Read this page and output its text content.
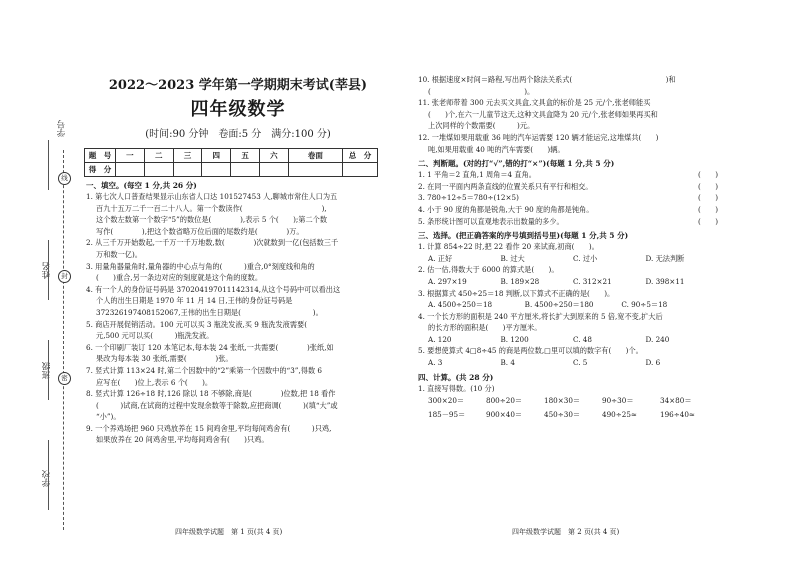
学号
姓名
班级
学校
线
封
密
2022～2023 学年第一学期期末考试(莘县)
四年级数学
(时间:90 分钟　卷面:5 分　满分:100 分)
题　号	一	二	三	四	五	六	卷面	总　分
得　分								
一、填空。(每空 1 分,共 26 分)
1. 第七次人口普查结果显示山东省人口达 101527453 人,聊城市常住人口为五
百九十五万二千一百二十八人。第一个数读作(　　　　　　　　　　　),
这个数左数第一个数字“5”的数位是(　　　　),表示 5 个(　　);第二个数
写作(　　　　),把这个数省略万位后面的尾数约是(　　　　)万。
2. 从三千万开始数起,一千万一千万地数,数(　　　　)次就数到一亿(包括数三千
万和数一亿)。
3. 用量角器量角时,量角器的中心点与角的(　　　)重合,0°刻度线和角的
(　　)重合,另一条边对应的刻度就是这个角的度数。
4. 有一个人的身份证号码是 370204197011142314,从这个号码中可以看出这
个人的出生日期是 1970 年 11 月 14 日,王伟的身份证号码是
372326197408152067,王伟的出生日期是(　　　　　　　　　　)。
5. 商店开展促销活动。100 元可以买 3 瓶洗发液,买 9 瓶洗发液需要(　　　
元,500 元可以买(　　　)瓶洗发液。
6. 一个印刷厂装订 120 本笔记本,每本装 24 张纸,一共需要(　　　　)张纸,如
果改为每本装 30 张纸,需要(　　　　)张。
7. 竖式计算 113×24 时,第二个因数中的“2”乘第一个因数中的“3”,得数 6
应写在(　　)位上,表示 6 个(　　)。
8. 竖式计算 126÷18 时,126 除以 18 不够除,商是(　　　　)位数,把 18 看作
(　　　)试商,在试商的过程中发现余数等于除数,应把商调(　　　)(填“大”或
“小”)。
9. 一个养鸡场把 960 只鸡放养在 15 间鸡舍里,平均每间鸡舍有(　　　)只鸡,
如果放养在 20 间鸡舍里,平均每间鸡舍有(　　)只鸡。
四年级数学试题　第 1 页(共 4 页)
10. 根据速度×时间＝路程,写出两个除法关系式(　　　　　　　　　　　　　)和
(　　　　　　　　　　　　　)。
11. 张老师带着 300 元去买文具盒,文具盒的标价是 25 元/个,张老师能买
(　　)个,在六一儿童节这天,这种文具盒降为 20 元/个,张老师如果再买和
上次同样的个数需要(　　　)元。
12. 一堆煤如果用载重 36 吨的汽车运需要 120 辆才能运完,这堆煤共(　　)
吨,如果用载重 40 吨的汽车需要(　　)辆。
二、判断题。(对的打“√”,错的打“×”)(每题 1 分,共 5 分)
1. 1 平角＝2 直角,1 周角＝4 直角。	(　　)
2. 在同一平面内两条直线的位置关系只有平行和相交。	(　　)
3. 780÷12÷5＝780÷(12×5)	(　　)
4. 小于 90 度的角都是锐角,大于 90 度的角都是钝角。	(　　)
5. 条形统计图可以直观地表示出数量的多少。	(　　)
三、选择。(把正确答案的序号填到括号里)(每题 1 分,共 5 分)
1. 计算 854÷22 时,把 22 看作 20 来试商,初商(　　)。
A. 正好	B. 过大	C. 过小	D. 无法判断
2. 估一估,得数大于 6000 的算式是(　　)。
A. 297×19	B. 189×28	C. 312×21	D. 398×11
3. 根据算式 450÷25＝18 判断,以下算式不正确的是(　　)。
A. 4500÷250＝18	B. 4500÷250＝180	C. 90÷5＝18
4. 一个长方形的面积是 240 平方厘米,将长扩大到原来的 5 倍,宽不变,扩大后
的长方形的面积是(　　)平方厘米。
A. 120	B. 1200	C. 48	D. 240
5. 要想使算式 4□8÷45 的商是两位数,□里可以填的数字有(　　)个。
A. 3	B. 4	C. 5	D. 6
四、计算。(共 28 分)
1. 直接写得数。(10 分)
300×20＝	800÷20＝	180×30＝	90÷30＝	34×80＝
185－95＝	900×40＝	450÷30＝	490÷25≈	196÷40≈
四年级数学试题　第 2 页(共 4 页)
